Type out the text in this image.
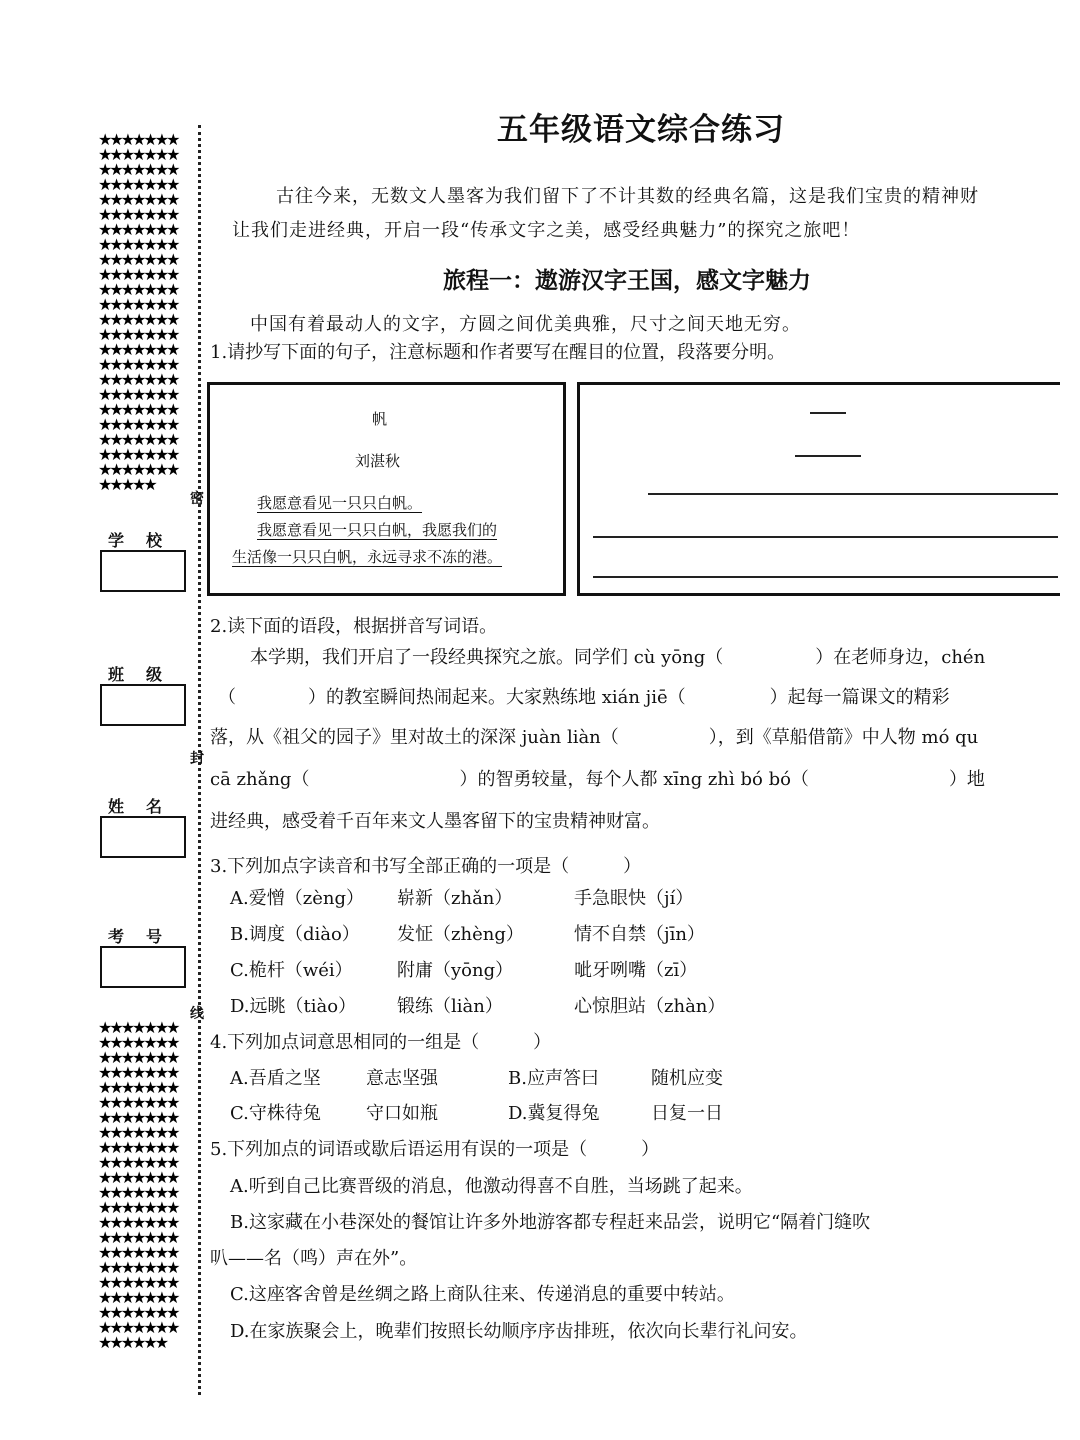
★★★★★★★★★★★★★★★★★★★★★★★★★★★★★★★★★★★★★★★★★★★★★★★★★★★★★★★★★★★★★★★★★★★★★★★★★★★★★★★★★★★★★★★★★★★★★★★★★★★★★★★★★★★★★★★★★★★★★★★★★★★★★★★★★★★★★★★★★★★★★★★★★★★★★★★★★★★★★★★★★★★★★★
★★★★★★★★★★★★★★★★★★★★★★★★★★★★★★★★★★★★★★★★★★★★★★★★★★★★★★★★★★★★★★★★★★★★★★★★★★★★★★★★★★★★★★★★★★★★★★★★★★★★★★★★★★★★★★★★★★★★★★★★★★★★★★★★★★★★★★★★★★★★★★★★★★★★★★★★★
密
封
线
学校
班级
姓名
考号
五年级语文综合练习
古往今来，无数文人墨客为我们留下了不计其数的经典名篇，这是我们宝贵的精神财
让我们走进经典，开启一段“传承文字之美，感受经典魅力”的探究之旅吧！
旅程一：遨游汉字王国，感文字魅力
中国有着最动人的文字，方圆之间优美典雅，尺寸之间天地无穷。
1.请抄写下面的句子，注意标题和作者要写在醒目的位置，段落要分明。
帆
刘湛秋
我愿意看见一只只白帆。
我愿意看见一只只白帆，我愿我们的
生活像一只只白帆，永远寻求不冻的港。
2.读下面的语段，根据拼音写词语。
本学期，我们开启了一段经典探究之旅。同学们 cù yōng（	）在老师身边，chén
（	）的教室瞬间热闹起来。大家熟练地 xián jiē（	）起每一篇课文的精彩
落，从《祖父的园子》里对故土的深深 juàn liàn（	），到《草船借箭》中人物 mó qu
cā zhǎng（	）的智勇较量，每个人都 xīng zhì bó bó（	）地
进经典，感受着千百年来文人墨客留下的宝贵精神财富。
3.下列加点字读音和书写全部正确的一项是（　　　）
A.爱憎（zèng） 崭新（zhǎn）	手急眼快（jí）
B.调度（diào） 发怔（zhèng）	情不自禁（jīn）
C.桅杆（wéi） 附庸（yōng）	呲牙咧嘴（zī）
D.远眺（tiào） 锻练（liàn）	心惊胆站（zhàn）
4.下列加点词意思相同的一组是（　　　）
A.吾盾之坚	意志坚强	B.应声答曰	随机应变
C.守株待兔	守口如瓶	D.冀复得兔	日复一日
5.下列加点的词语或歇后语运用有误的一项是（　　　）
A.听到自己比赛晋级的消息，他激动得喜不自胜，当场跳了起来。
B.这家藏在小巷深处的餐馆让许多外地游客都专程赶来品尝，说明它“隔着门缝吹
叭——名（鸣）声在外”。
C.这座客舍曾是丝绸之路上商队往来、传递消息的重要中转站。
D.在家族聚会上，晚辈们按照长幼顺序序齿排班，依次向长辈行礼问安。
